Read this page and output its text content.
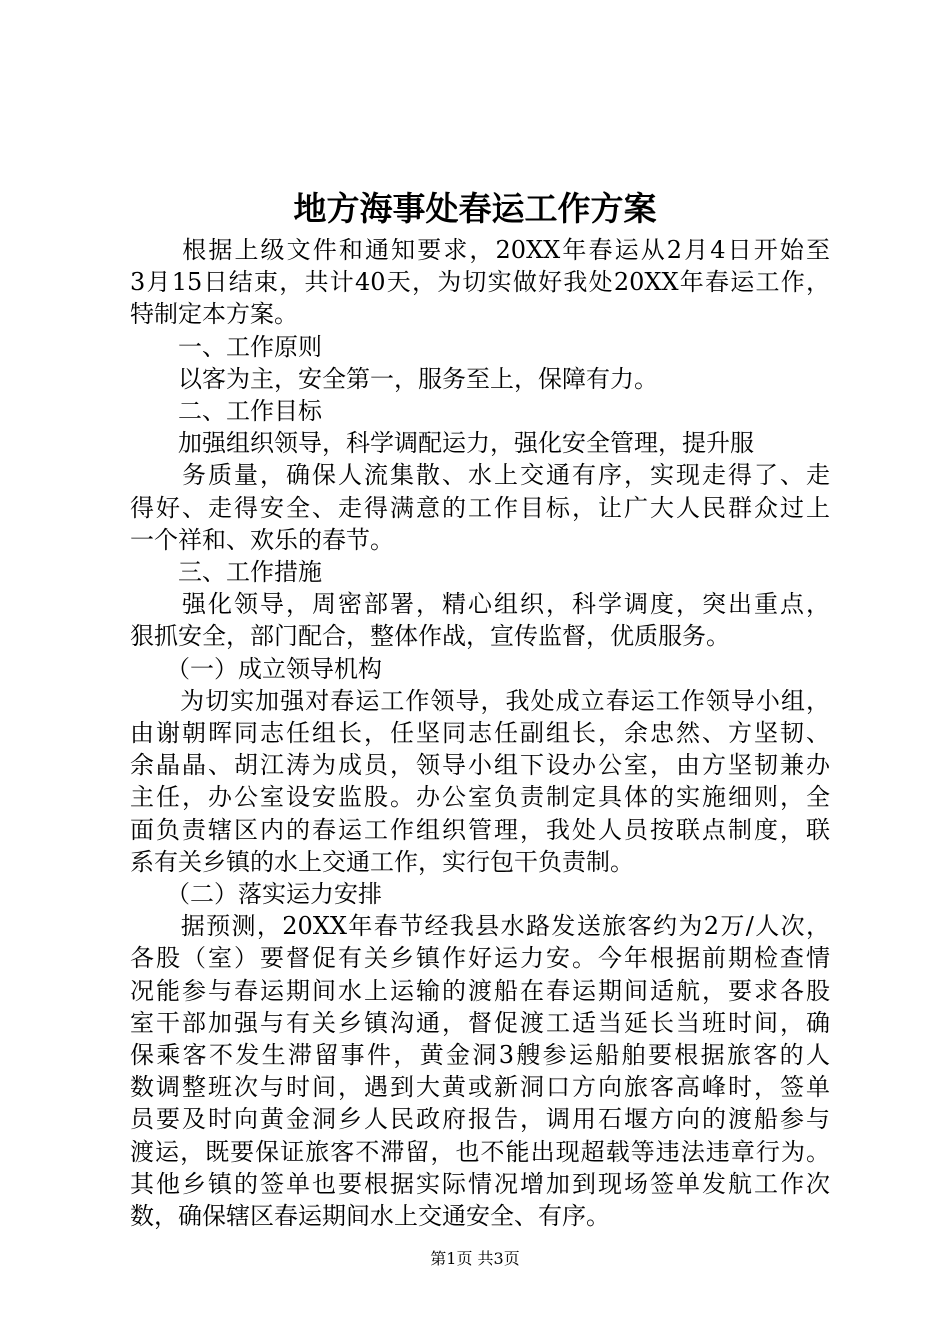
地方海事处春运工作方案
　　根据上级文件和通知要求，20XX年春运从2月4日开始至
3月15日结束，共计40天，为切实做好我处20XX年春运工作，
特制定本方案。
　　一、工作原则
　　以客为主，安全第一，服务至上，保障有力。
　　二、工作目标
　　加强组织领导，科学调配运力，强化安全管理，提升服
　　务质量，确保人流集散、水上交通有序，实现走得了、走
得好、走得安全、走得满意的工作目标，让广大人民群众过上
一个祥和、欢乐的春节。
　　三、工作措施
　　强化领导，周密部署，精心组织，科学调度，突出重点，
狠抓安全，部门配合，整体作战，宣传监督，优质服务。
　　（一）成立领导机构
　　为切实加强对春运工作领导，我处成立春运工作领导小组，
由谢朝晖同志任组长，任坚同志任副组长，余忠然、方坚韧、
余晶晶、胡江涛为成员，领导小组下设办公室，由方坚韧兼办
主任，办公室设安监股。办公室负责制定具体的实施细则，全
面负责辖区内的春运工作组织管理，我处人员按联点制度，联
系有关乡镇的水上交通工作，实行包干负责制。
　　（二）落实运力安排
　　据预测，20XX年春节经我县水路发送旅客约为2万/人次，
各股（室）要督促有关乡镇作好运力安。今年根据前期检查情
况能参与春运期间水上运输的渡船在春运期间适航，要求各股
室干部加强与有关乡镇沟通，督促渡工适当延长当班时间，确
保乘客不发生滞留事件，黄金洞3艘参运船舶要根据旅客的人
数调整班次与时间，遇到大黄或新洞口方向旅客高峰时，签单
员要及时向黄金洞乡人民政府报告，调用石堰方向的渡船参与
渡运，既要保证旅客不滞留，也不能出现超载等违法违章行为。
其他乡镇的签单也要根据实际情况增加到现场签单发航工作次
数，确保辖区春运期间水上交通安全、有序。
第1页 共3页
